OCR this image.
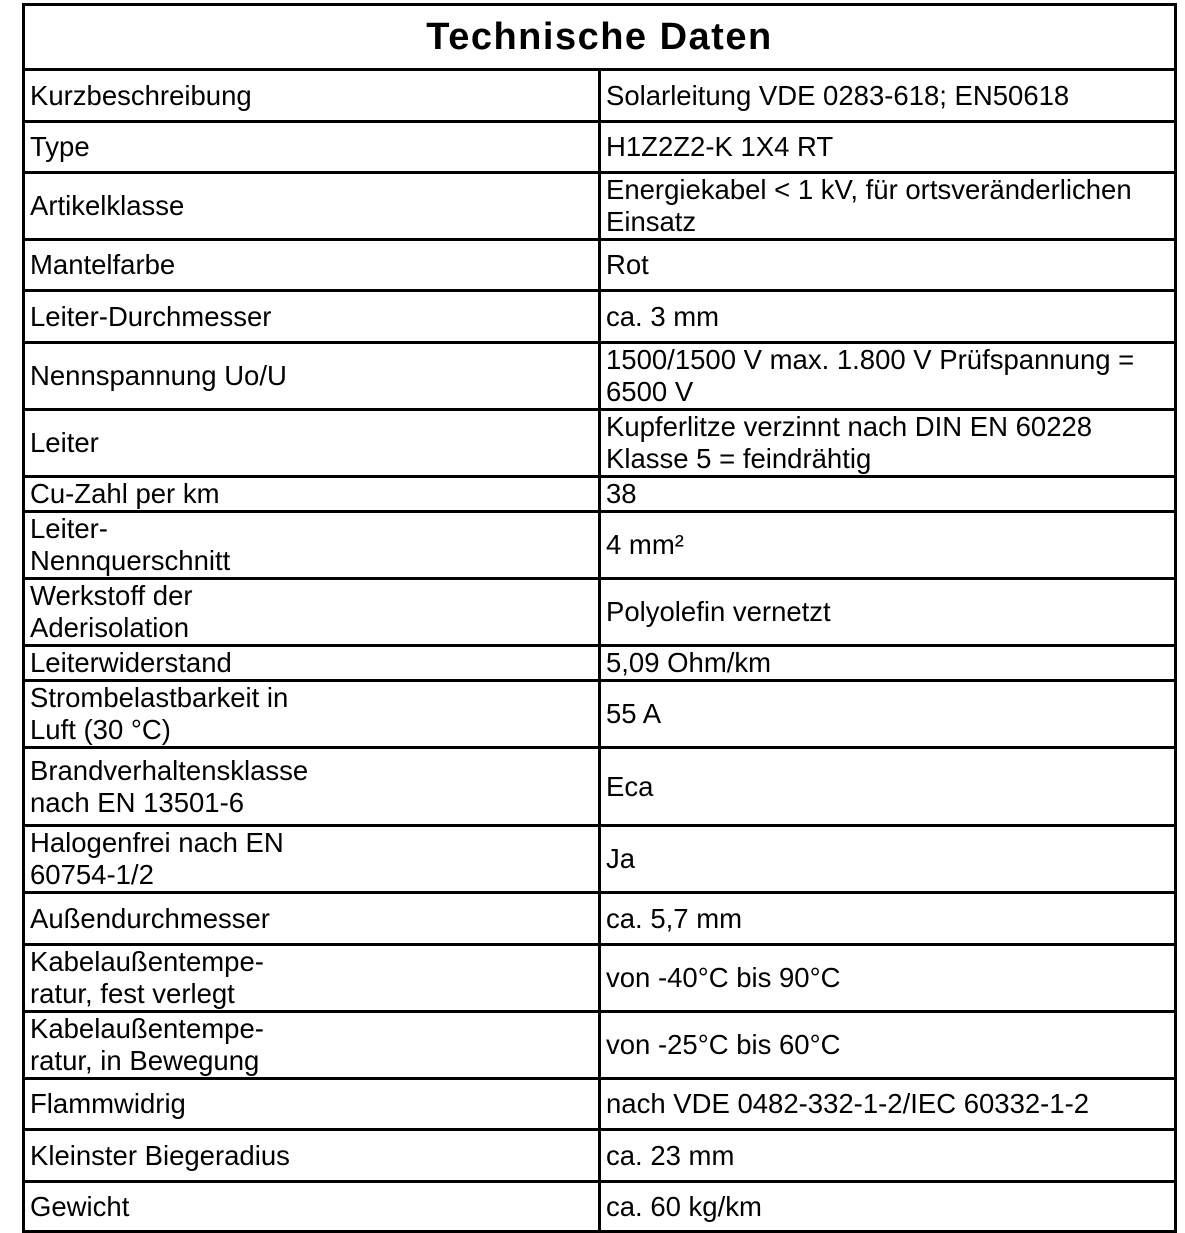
Technische Daten	

Kurzbeschreibung	Solarleitung VDE 0283-618; EN50618

Type	H1Z2Z2-K 1X4 RT

Artikelklasse	Energiekabel < 1 kV, für ortsveränderlichen Einsatz

Mantelfarbe	Rot

Leiter-Durchmesser	ca. 3 mm

Nennspannung Uo/U	1500/1500 V max. 1.800 V Prüfspannung = 6500 V

Leiter	Kupferlitze verzinnt nach DIN EN 60228
Klasse 5 = feindrähtig

Cu-Zahl per km	38

Leiter-
Nennquerschnitt	4 mm²

Werkstoff der
Aderisolation	Polyolefin vernetzt

Leiterwiderstand	5,09 Ohm/km

Strombelastbarkeit in
Luft (30 °C)	55 A

Brandverhaltensklasse
nach EN 13501-6	Eca

Halogenfrei nach EN
60754-1/2	Ja

Außendurchmesser	ca. 5,7 mm

Kabelaußentempe-
ratur, fest verlegt	von -40°C bis 90°C

Kabelaußentempe-
ratur, in Bewegung	von -25°C bis 60°C

Flammwidrig	nach VDE 0482-332-1-2/IEC 60332-1-2

Kleinster Biegeradius	ca. 23 mm

Gewicht	ca. 60 kg/km
